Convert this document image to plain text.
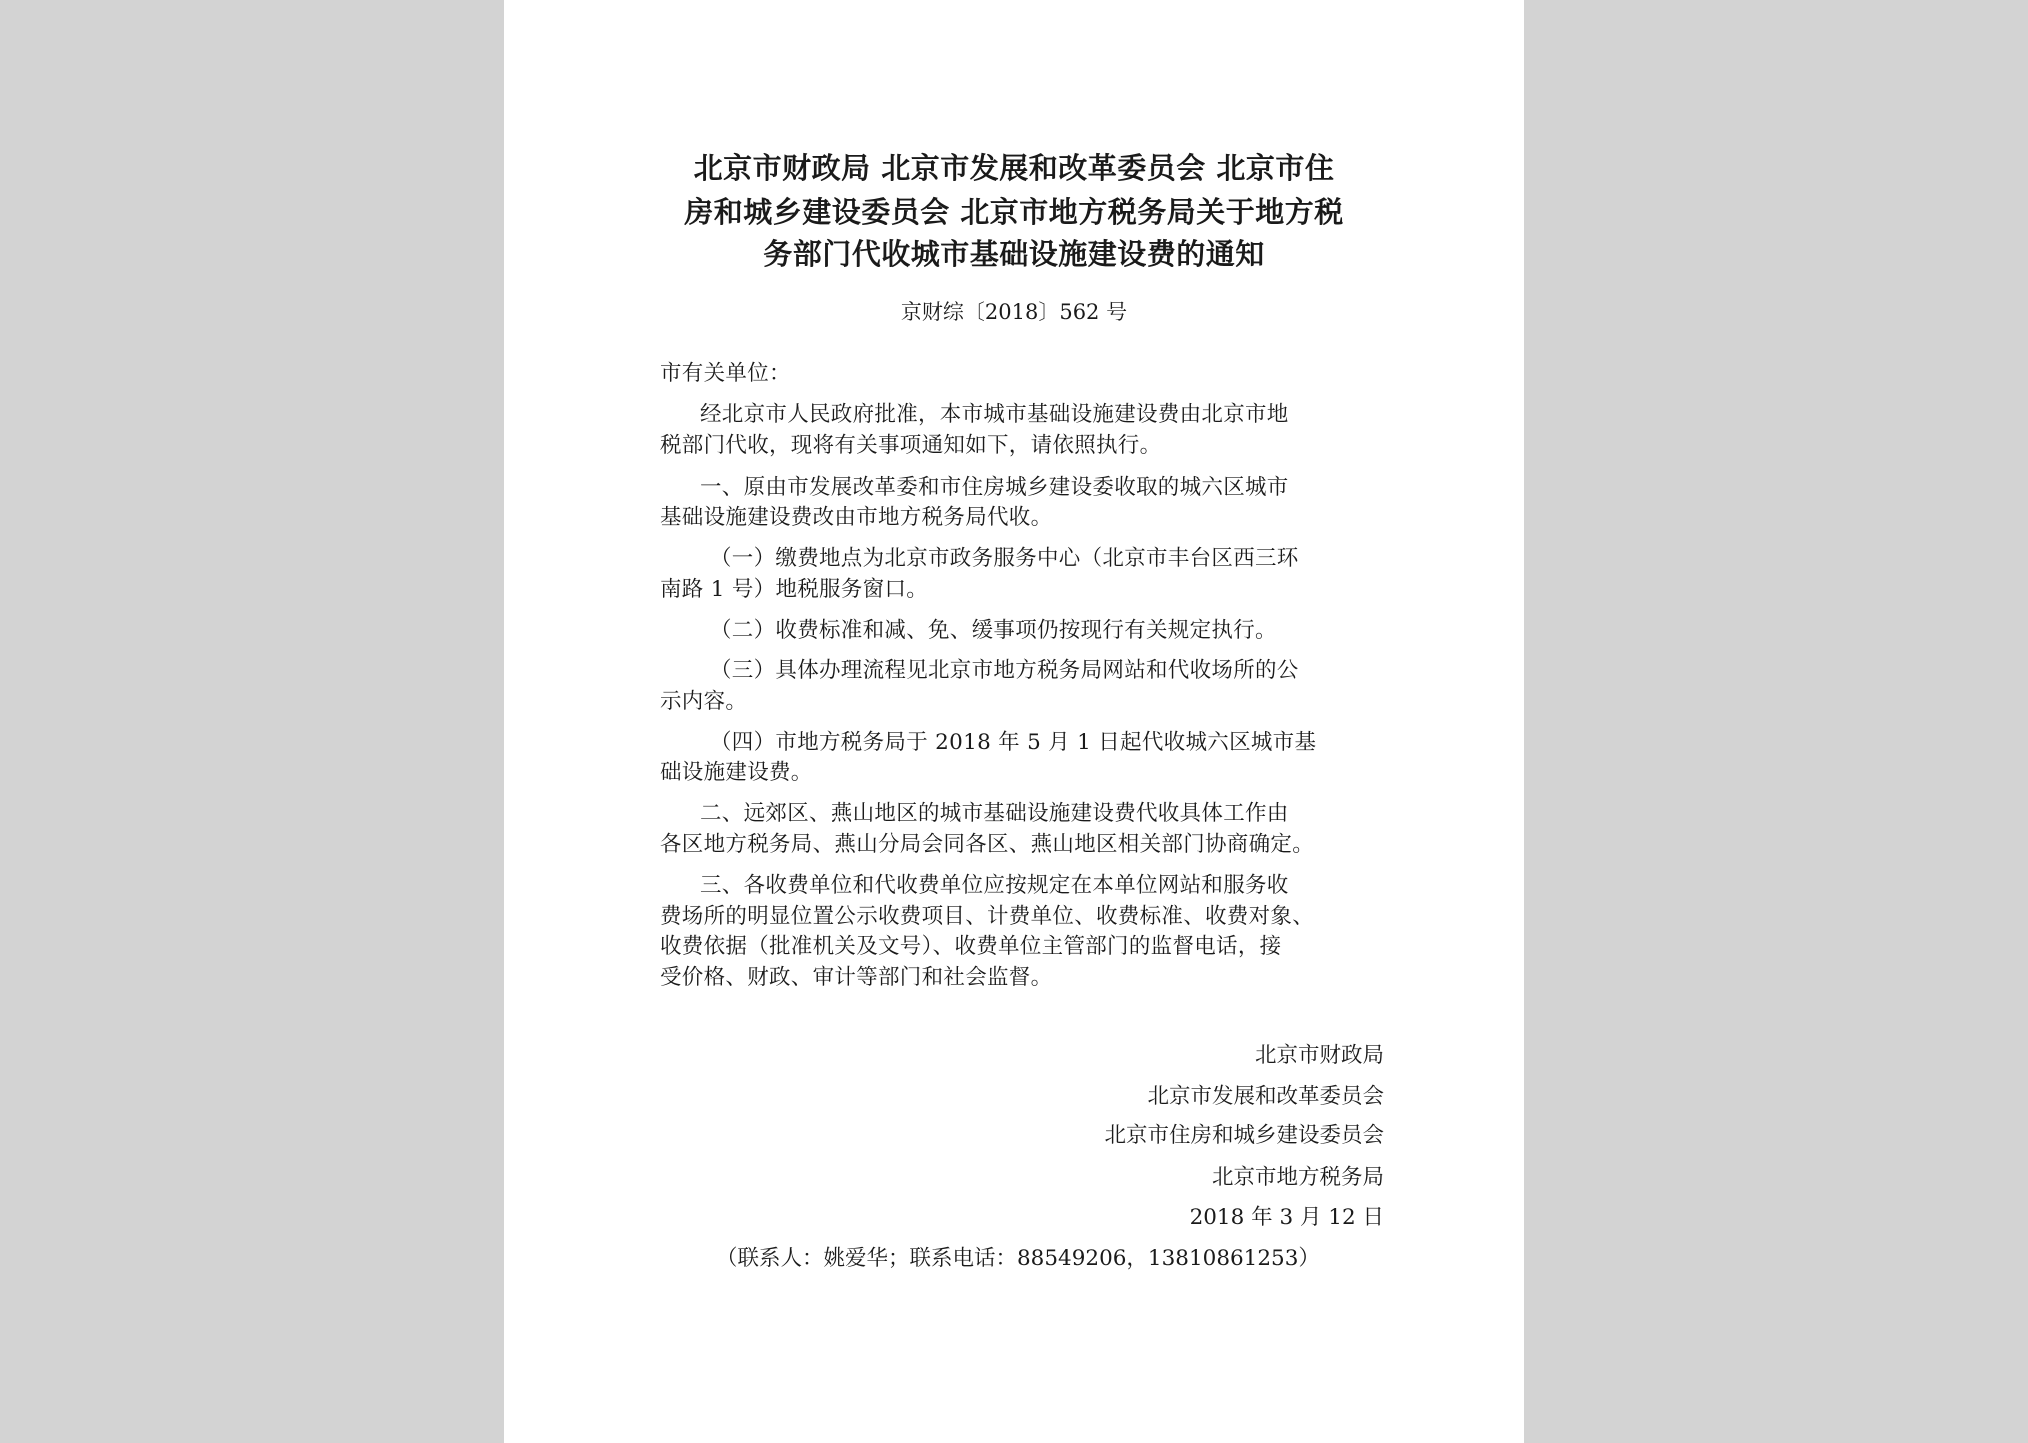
北京市财政局 北京市发展和改革委员会 北京市住
房和城乡建设委员会 北京市地方税务局关于地方税
务部门代收城市基础设施建设费的通知
京财综〔2018〕562 号
市有关单位：
经北京市人民政府批准，本市城市基础设施建设费由北京市地
税部门代收，现将有关事项通知如下，请依照执行。
一、原由市发展改革委和市住房城乡建设委收取的城六区城市
基础设施建设费改由市地方税务局代收。
（一）缴费地点为北京市政务服务中心（北京市丰台区西三环
南路 1 号）地税服务窗口。
（二）收费标准和减、免、缓事项仍按现行有关规定执行。
（三）具体办理流程见北京市地方税务局网站和代收场所的公
示内容。
（四）市地方税务局于 2018 年 5 月 1 日起代收城六区城市基
础设施建设费。
二、远郊区、燕山地区的城市基础设施建设费代收具体工作由
各区地方税务局、燕山分局会同各区、燕山地区相关部门协商确定。
三、各收费单位和代收费单位应按规定在本单位网站和服务收
费场所的明显位置公示收费项目、计费单位、收费标准、收费对象、
收费依据（批准机关及文号）、收费单位主管部门的监督电话，接
受价格、财政、审计等部门和社会监督。
北京市财政局
北京市发展和改革委员会
北京市住房和城乡建设委员会
北京市地方税务局
2018 年 3 月 12 日
（联系人：姚爱华；联系电话：88549206，13810861253）
